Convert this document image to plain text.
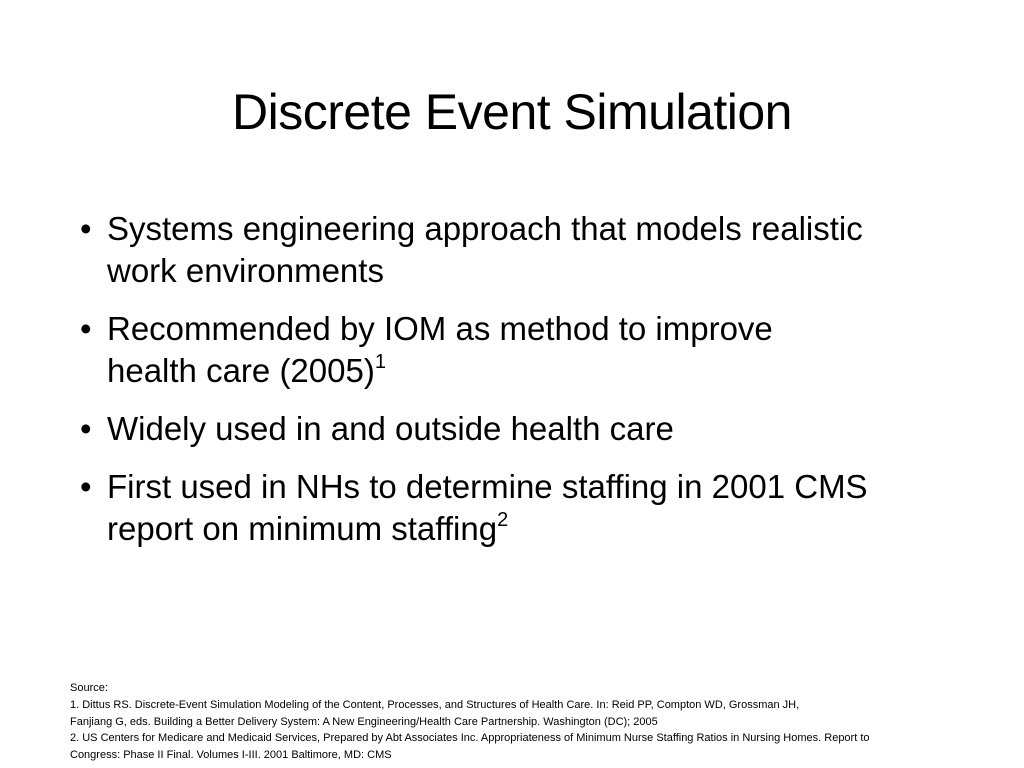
Discrete Event Simulation
• Systems engineering approach that models realistic
work environments
• Recommended by IOM as method to improve
health care $(2005)^1$
• Widely used in and outside health care
• First used in NHs to determine staffing in 2001 CMS
report on minimum staffing$^2$
Source:
1. Dittus RS. Discrete-Event Simulation Modeling of the Content, Processes, and Structures of Health Care. In: Reid PP, Compton WD, Grossman JH,
Fanjiang G, eds. Building a Better Delivery System: A New Engineering/Health Care Partnership. Washington (DC); 2005
2. US Centers for Medicare and Medicaid Services, Prepared by Abt Associates Inc. Appropriateness of Minimum Nurse Staffing Ratios in Nursing Homes. Report to
Congress: Phase II Final. Volumes I-III. 2001 Baltimore, MD: CMS
